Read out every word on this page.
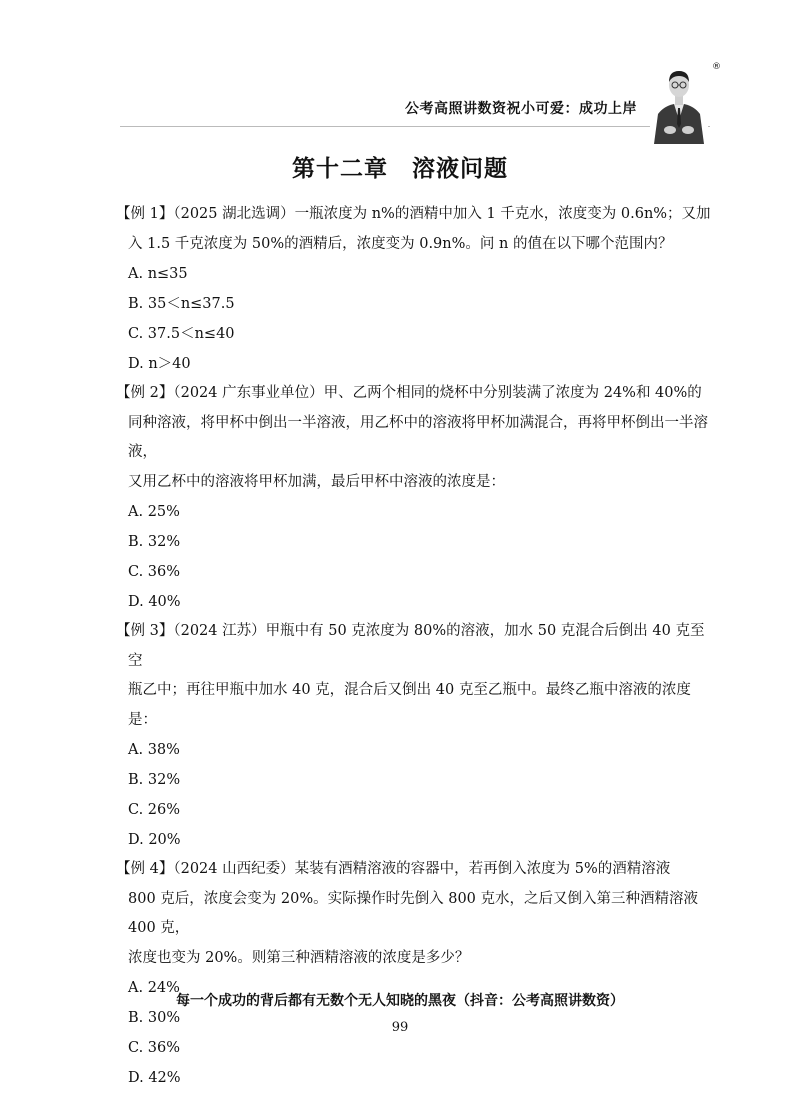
公考高照讲数资祝小可爱：成功上岸
®
第十二章 溶液问题

【例 1】（2025 湖北选调）一瓶浓度为 n%的酒精中加入 1 千克水，浓度变为 0.6n%；又加

入 1.5 千克浓度为 50%的酒精后，浓度变为 0.9n%。问 n 的值在以下哪个范围内？

A. n≤35

B. 35＜n≤37.5

C. 37.5＜n≤40

D. n＞40

【例 2】（2024 广东事业单位）甲、乙两个相同的烧杯中分别装满了浓度为 24%和 40%的

同种溶液，将甲杯中倒出一半溶液，用乙杯中的溶液将甲杯加满混合，再将甲杯倒出一半溶液，

又用乙杯中的溶液将甲杯加满，最后甲杯中溶液的浓度是：

A. 25%

B. 32%

C. 36%

D. 40%

【例 3】（2024 江苏）甲瓶中有 50 克浓度为 80%的溶液，加水 50 克混合后倒出 40 克至空

瓶乙中；再往甲瓶中加水 40 克，混合后又倒出 40 克至乙瓶中。最终乙瓶中溶液的浓度是：

A. 38%

B. 32%

C. 26%

D. 20%

【例 4】（2024 山西纪委）某装有酒精溶液的容器中，若再倒入浓度为 5%的酒精溶液

800 克后，浓度会变为 20%。实际操作时先倒入 800 克水，之后又倒入第三种酒精溶液 400 克，

浓度也变为 20%。则第三种酒精溶液的浓度是多少？

A. 24%

B. 30%

C. 36%

D. 42%

每一个成功的背后都有无数个无人知晓的黑夜（抖音：公考高照讲数资）
99
